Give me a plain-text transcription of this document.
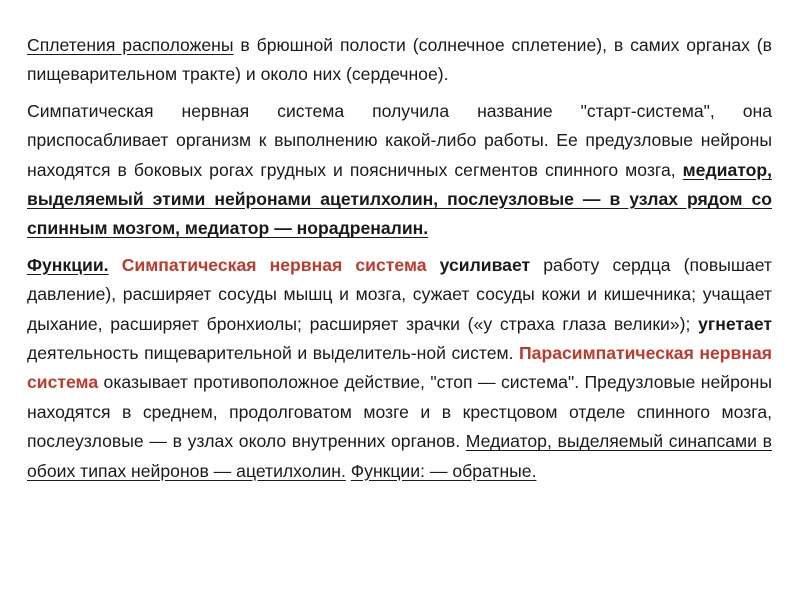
Сплетения расположены в брюшной полости (солнечное сплетение), в самих органах (в пищеварительном тракте) и около них (сердечное).

Симпатическая нервная система получила название "старт-система", она приспосабливает организм к выполнению какой-либо работы. Ее предузловые нейроны находятся в боковых рогах грудных и поясничных сегментов спинного мозга, медиатор, выделяемый этими нейронами ацетилхолин, послеузловые — в узлах рядом со спинным мозгом, медиатор — норадреналин.

Функции. Симпатическая нервная система усиливает работу сердца (повышает давление), расширяет сосуды мышц и мозга, сужает сосуды кожи и кишечника; учащает дыхание, расширяет бронхиолы; расширяет зрачки («у страха глаза велики»); угнетает деятельность пищеварительной и выделитель-ной систем. Парасимпатическая нервная система оказывает противоположное действие, "стоп — система". Предузловые нейроны находятся в среднем, продолговатом мозге и в крестцовом отделе спинного мозга, послеузловые — в узлах около внутренних органов. Медиатор, выделяемый синапсами в обоих типах нейронов — ацетилхолин. Функции: — обратные.
